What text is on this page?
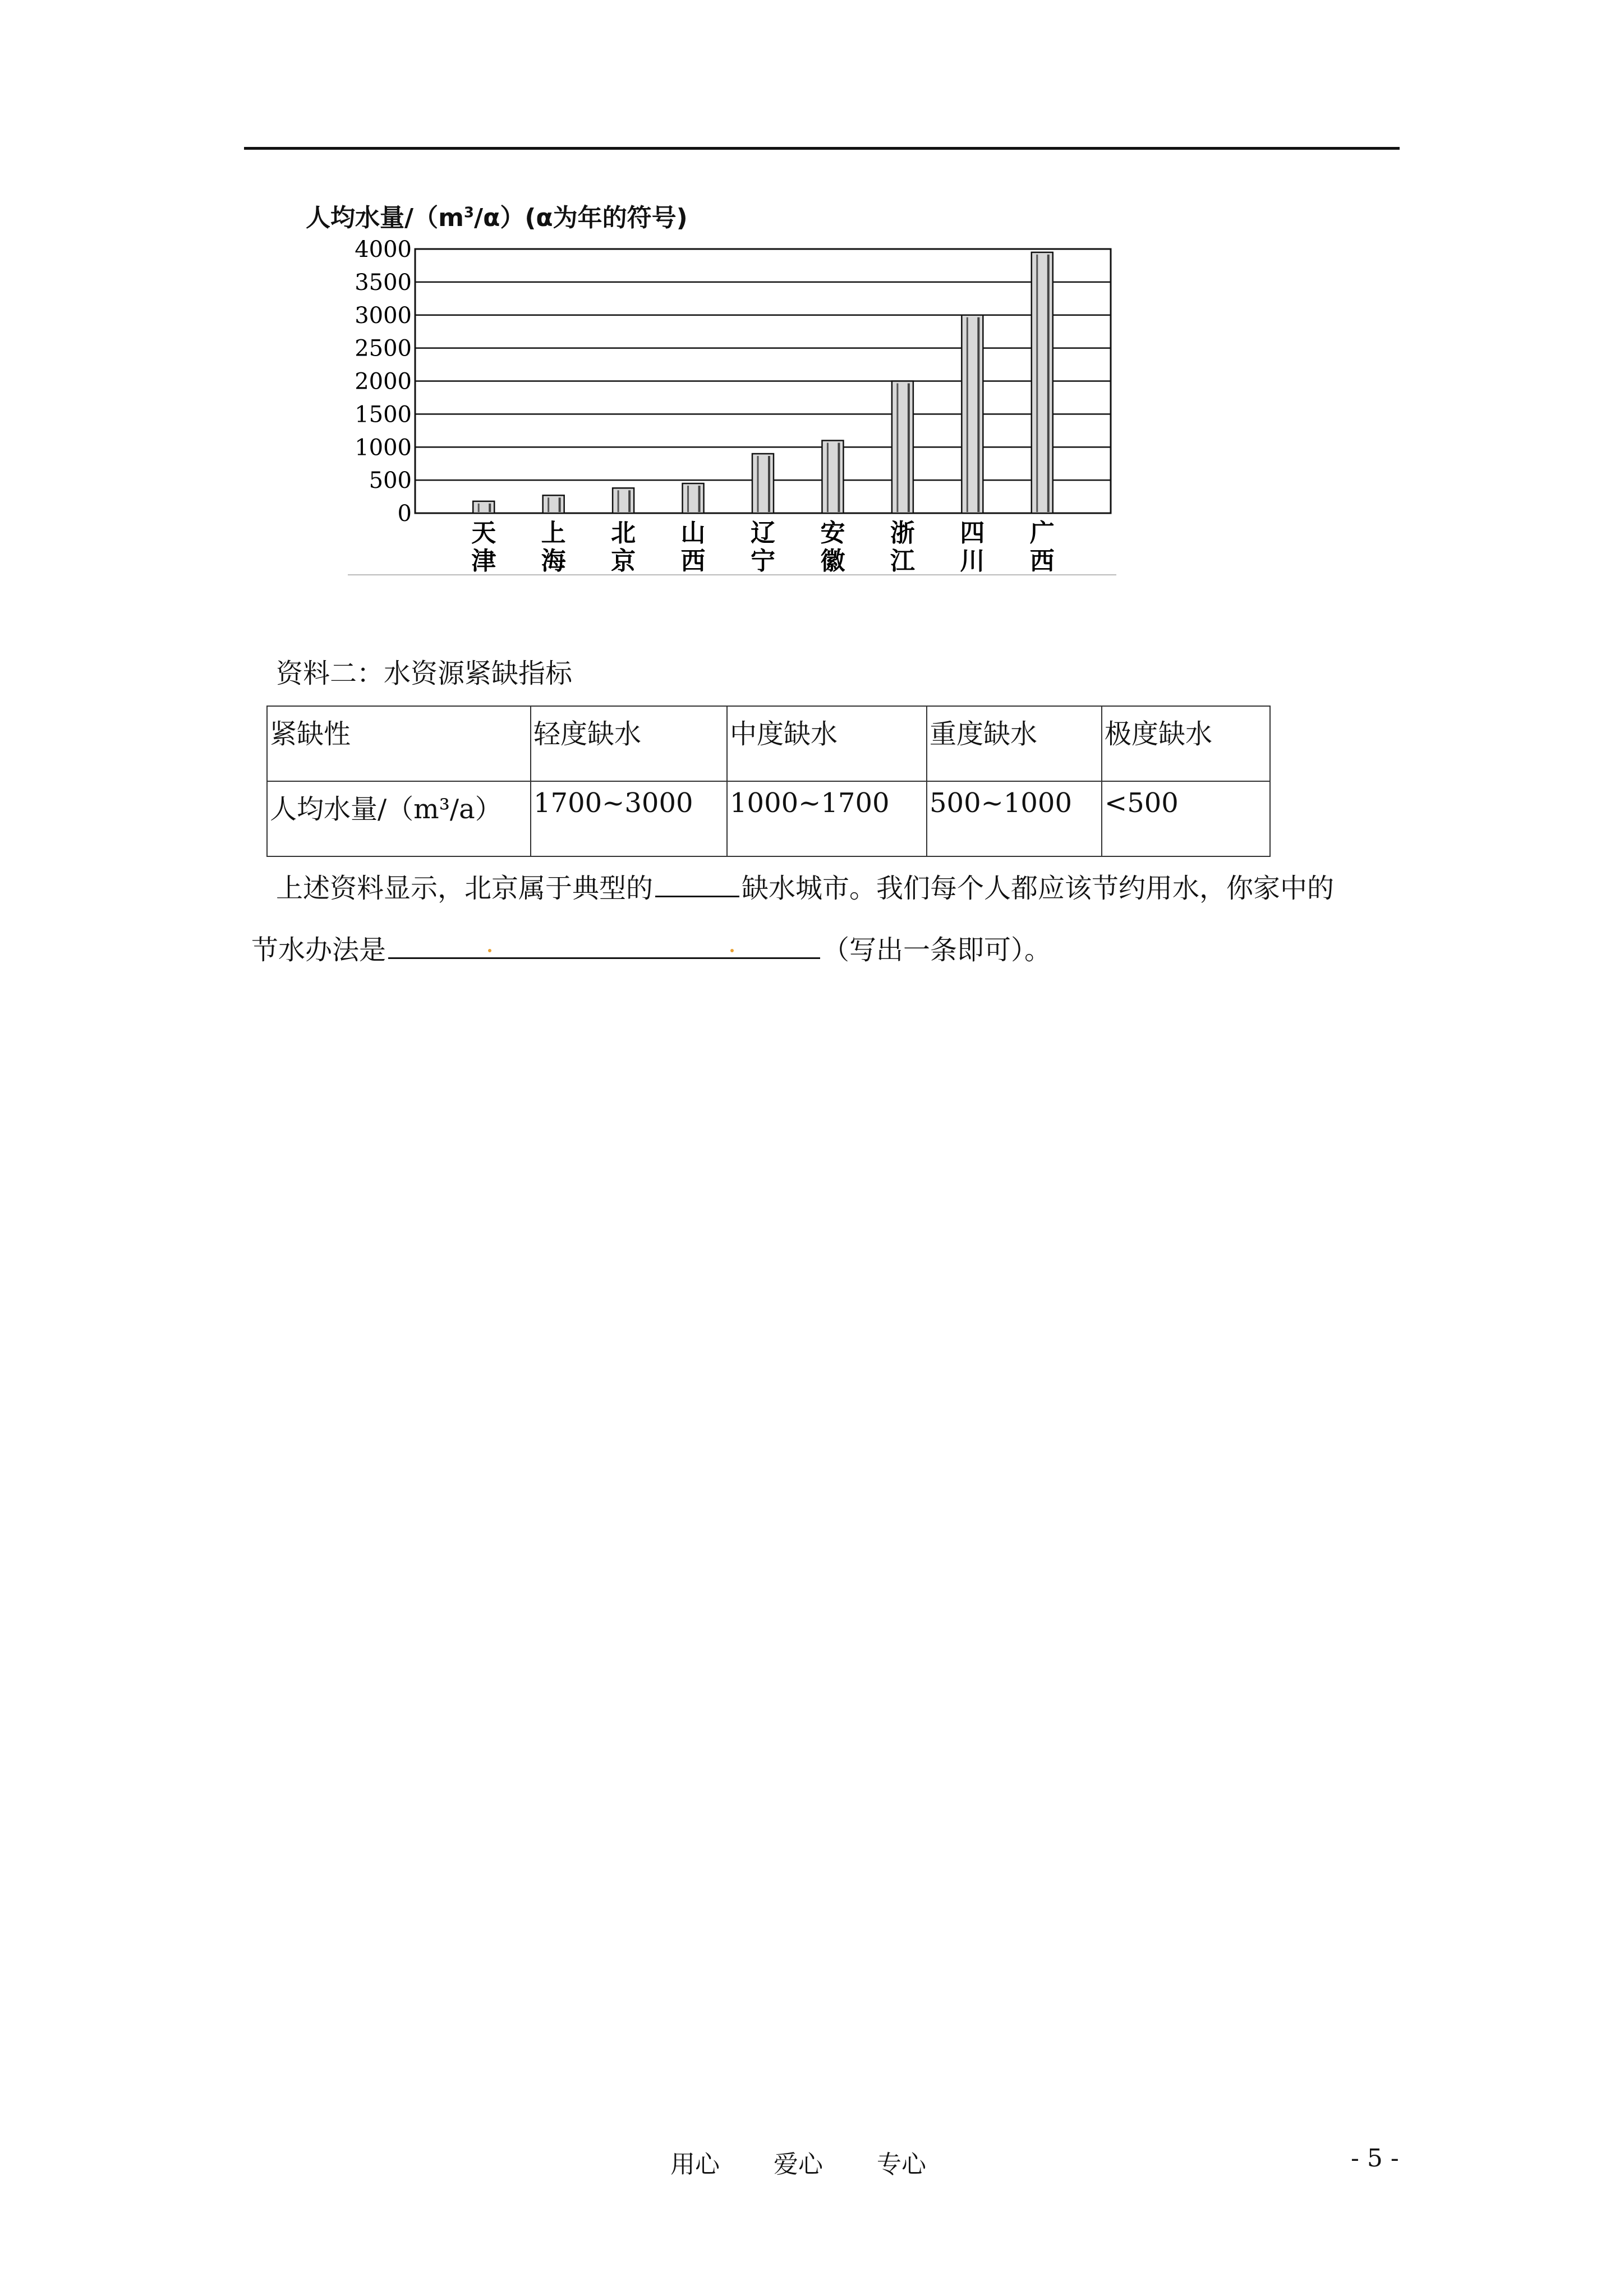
人均水量$/(m^3/\alpha)(\alpha$为年的符号)
0
500
1000
1500
2000
2500
3000
3500
4000
天
津
上
海
北
京
山
西
辽
宁
安
徽
浙
江
四
川
广
西
资料二：水资源紧缺指标
紧缺性	轻度缺水	中度缺水	重度缺水	极度缺水
人均水量/（m³/a）	1700~3000	1000~1700	500~1000	<500
上述资料显示，北京属于典型的	缺水城市。我们每个人都应该节约用水，你家中的
节水办法是	（写出一条即可）。
用心 爱心 专心	- 5 -
